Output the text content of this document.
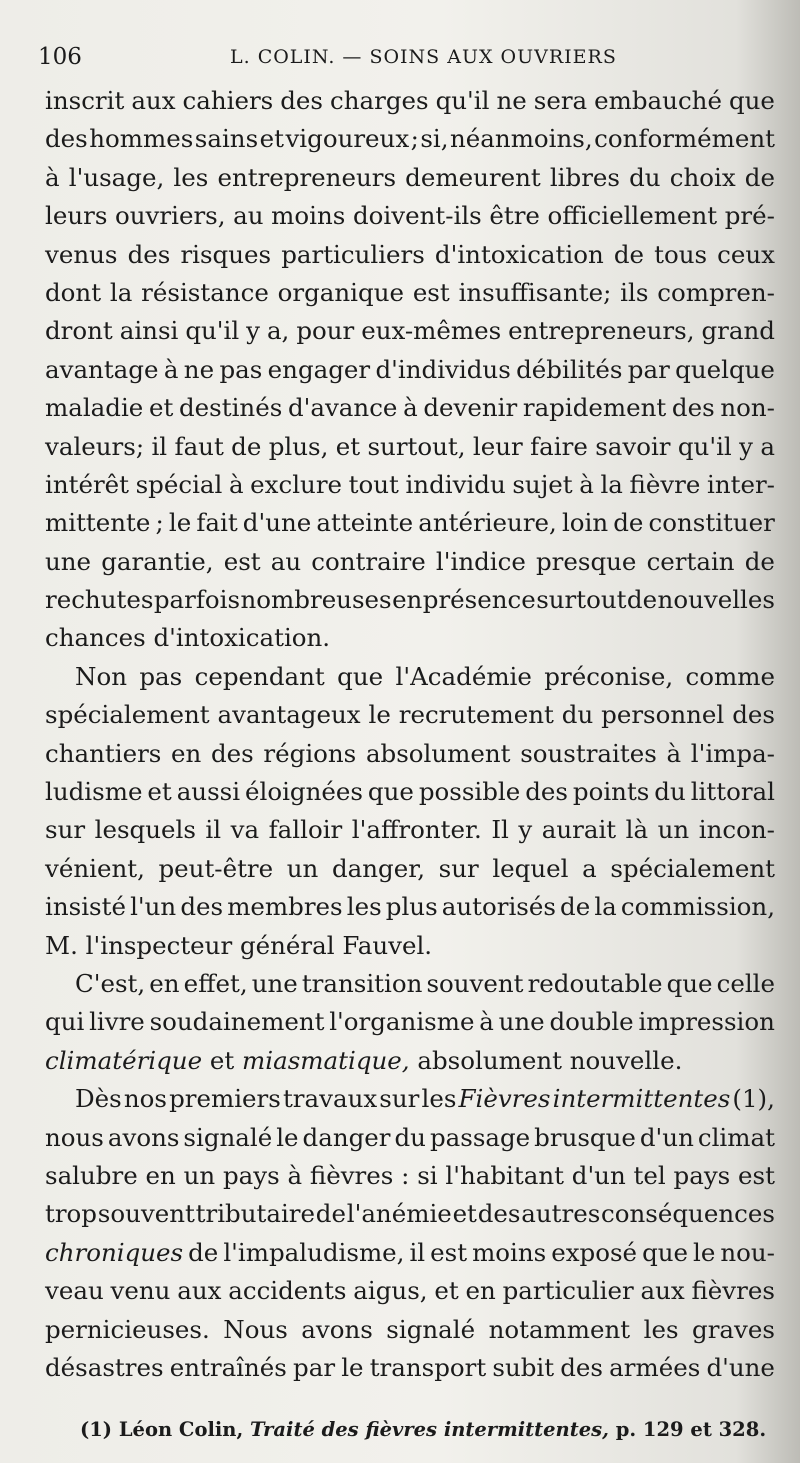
106	L. COLIN. — SOINS AUX OUVRIERS
inscrit aux cahiers des charges qu'il ne sera embauché que
des hommes sains et vigoureux ; si, néanmoins, conformément
à l'usage, les entrepreneurs demeurent libres du choix de
leurs ouvriers, au moins doivent-ils être officiellement pré-
venus des risques particuliers d'intoxication de tous ceux
dont la résistance organique est insuffisante; ils compren-
dront ainsi qu'il y a, pour eux-mêmes entrepreneurs, grand
avantage à ne pas engager d'individus débilités par quelque
maladie et destinés d'avance à devenir rapidement des non-
valeurs; il faut de plus, et surtout, leur faire savoir qu'il y a
intérêt spécial à exclure tout individu sujet à la fièvre inter-
mittente ; le fait d'une atteinte antérieure, loin de constituer
une garantie, est au contraire l'indice presque certain de
rechutes parfois nombreuses en présence surtout de nouvelles
chances
d'intoxication.
Non pas cependant que l'Académie préconise, comme
spécialement avantageux le recrutement du personnel des
chantiers en des régions absolument soustraites à l'impa-
ludisme et aussi éloignées que possible des points du littoral
sur lesquels il va falloir l'affronter. Il y aurait là un incon-
vénient, peut-être un danger, sur lequel a spécialement
insisté l'un des membres les plus autorisés de la commission,
M.
l'inspecteur
général
Fauvel.
C'est, en effet, une transition souvent redoutable que celle
qui livre soudainement l'organisme à une double impression
climatérique
et
miasmatique,
absolument
nouvelle.
Dès nos premiers travaux sur les Fièvres intermittentes (1),
nous avons signalé le danger du passage brusque d'un climat
salubre en un pays à fièvres : si l'habitant d'un tel pays est
trop souvent tributaire de l'anémie et des autres conséquences
chroniques de l'impaludisme, il est moins exposé que le nou-
veau venu aux accidents aigus, et en particulier aux fièvres
pernicieuses. Nous avons signalé notamment les graves
désastres entraînés par le transport subit des armées d'une
(1) Léon Colin, Traité des fièvres intermittentes, p. 129 et 328.
